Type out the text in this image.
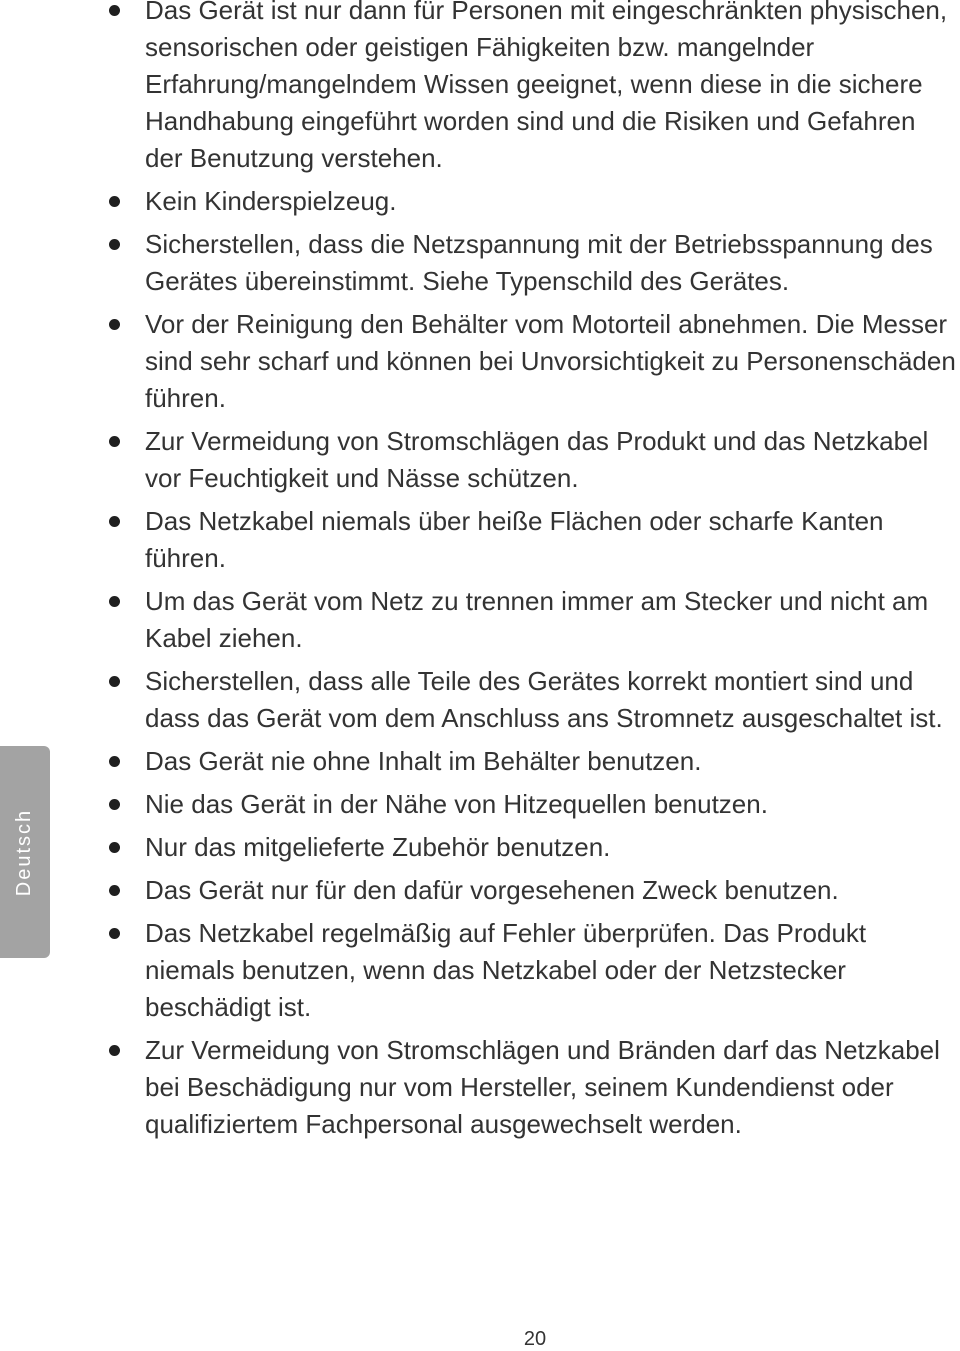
Deutsch
Das Gerät ist nur dann für Personen mit eingeschränkten physischen, sensorischen oder geistigen Fähigkeiten bzw. mangelnder Erfahrung/mangelndem Wissen geeignet, wenn diese in die sichere Handhabung eingeführt worden sind und die Risiken und Gefahren der Benutzung verstehen.
Kein Kinderspielzeug.
Sicherstellen, dass die Netzspannung mit der Betriebsspannung des Gerätes übereinstimmt. Siehe Typenschild des Gerätes.
Vor der Reinigung den Behälter vom Motorteil abnehmen. Die Messer sind sehr scharf und können bei Unvorsichtigkeit zu Personenschäden führen.
Zur Vermeidung von Stromschlägen das Produkt und das Netzkabel vor Feuchtigkeit und Nässe schützen.
Das Netzkabel niemals über heiße Flächen oder scharfe Kanten führen.
Um das Gerät vom Netz zu trennen immer am Stecker und nicht am Kabel ziehen.
Sicherstellen, dass alle Teile des Gerätes korrekt montiert sind und dass das Gerät vom dem Anschluss ans Stromnetz ausgeschaltet ist.
Das Gerät nie ohne Inhalt im Behälter benutzen.
Nie das Gerät in der Nähe von Hitzequellen benutzen.
Nur das mitgelieferte Zubehör benutzen.
Das Gerät nur für den dafür vorgesehenen Zweck benutzen.
Das Netzkabel regelmäßig auf Fehler überprüfen. Das Produkt niemals benutzen, wenn das Netzkabel oder der Netzstecker beschädigt ist.
Zur Vermeidung von Stromschlägen und Bränden darf das Netzkabel bei Beschädigung nur vom Hersteller, seinem Kundendienst oder qualifiziertem Fachpersonal ausgewechselt werden.
20
